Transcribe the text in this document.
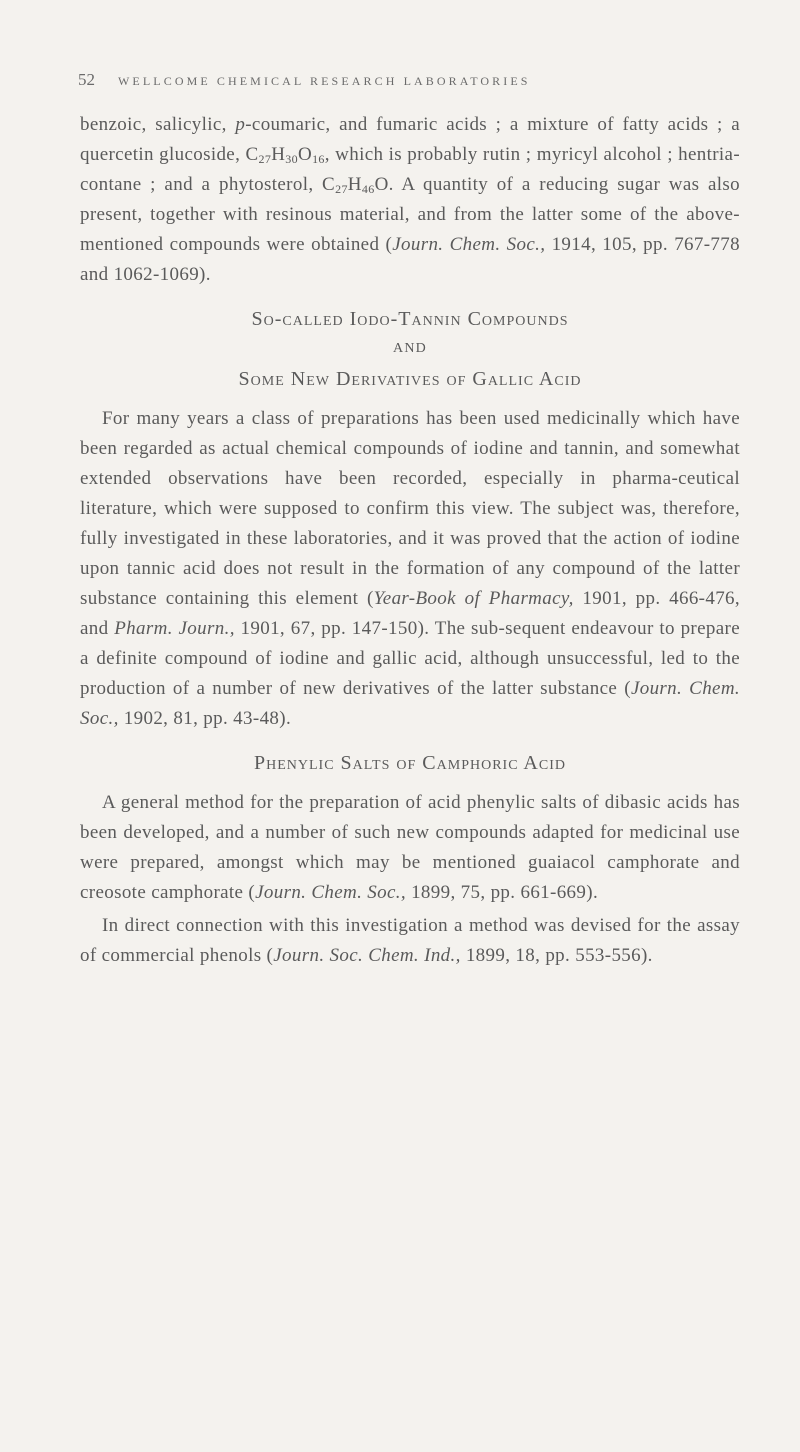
52	WELLCOME CHEMICAL RESEARCH LABORATORIES

benzoic, salicylic, p-coumaric, and fumaric acids ; a mixture of fatty acids ; a quercetin glucoside, $C_{27}H_{30}O_{16}$, which is probably rutin ; myricyl alcohol ; hentria-contane ; and a phytosterol, $C_{27}H_{46}O$. A quantity of a reducing sugar was also present, together with resinous material, and from the latter some of the above-mentioned compounds were obtained (Journ. Chem. Soc., 1914, 105, pp. 767-778 and 1062-1069).

So-called Iodo-Tannin Compounds

AND

Some New Derivatives of Gallic Acid

For many years a class of preparations has been used medicinally which have been regarded as actual chemical compounds of iodine and tannin, and somewhat extended observations have been recorded, especially in pharma-ceutical literature, which were supposed to confirm this view. The subject was, therefore, fully investigated in these laboratories, and it was proved that the action of iodine upon tannic acid does not result in the formation of any compound of the latter substance containing this element (Year-Book of Pharmacy, 1901, pp. 466-476, and Pharm. Journ., 1901, 67, pp. 147-150). The sub-sequent endeavour to prepare a definite compound of iodine and gallic acid, although unsuccessful, led to the production of a number of new derivatives of the latter substance (Journ. Chem. Soc., 1902, 81, pp. 43-48).

Phenylic Salts of Camphoric Acid

A general method for the preparation of acid phenylic salts of dibasic acids has been developed, and a number of such new compounds adapted for medicinal use were prepared, amongst which may be mentioned guaiacol camphorate and creosote camphorate (Journ. Chem. Soc., 1899, 75, pp. 661-669).

In direct connection with this investigation a method was devised for the assay of commercial phenols (Journ. Soc. Chem. Ind., 1899, 18, pp. 553-556).
